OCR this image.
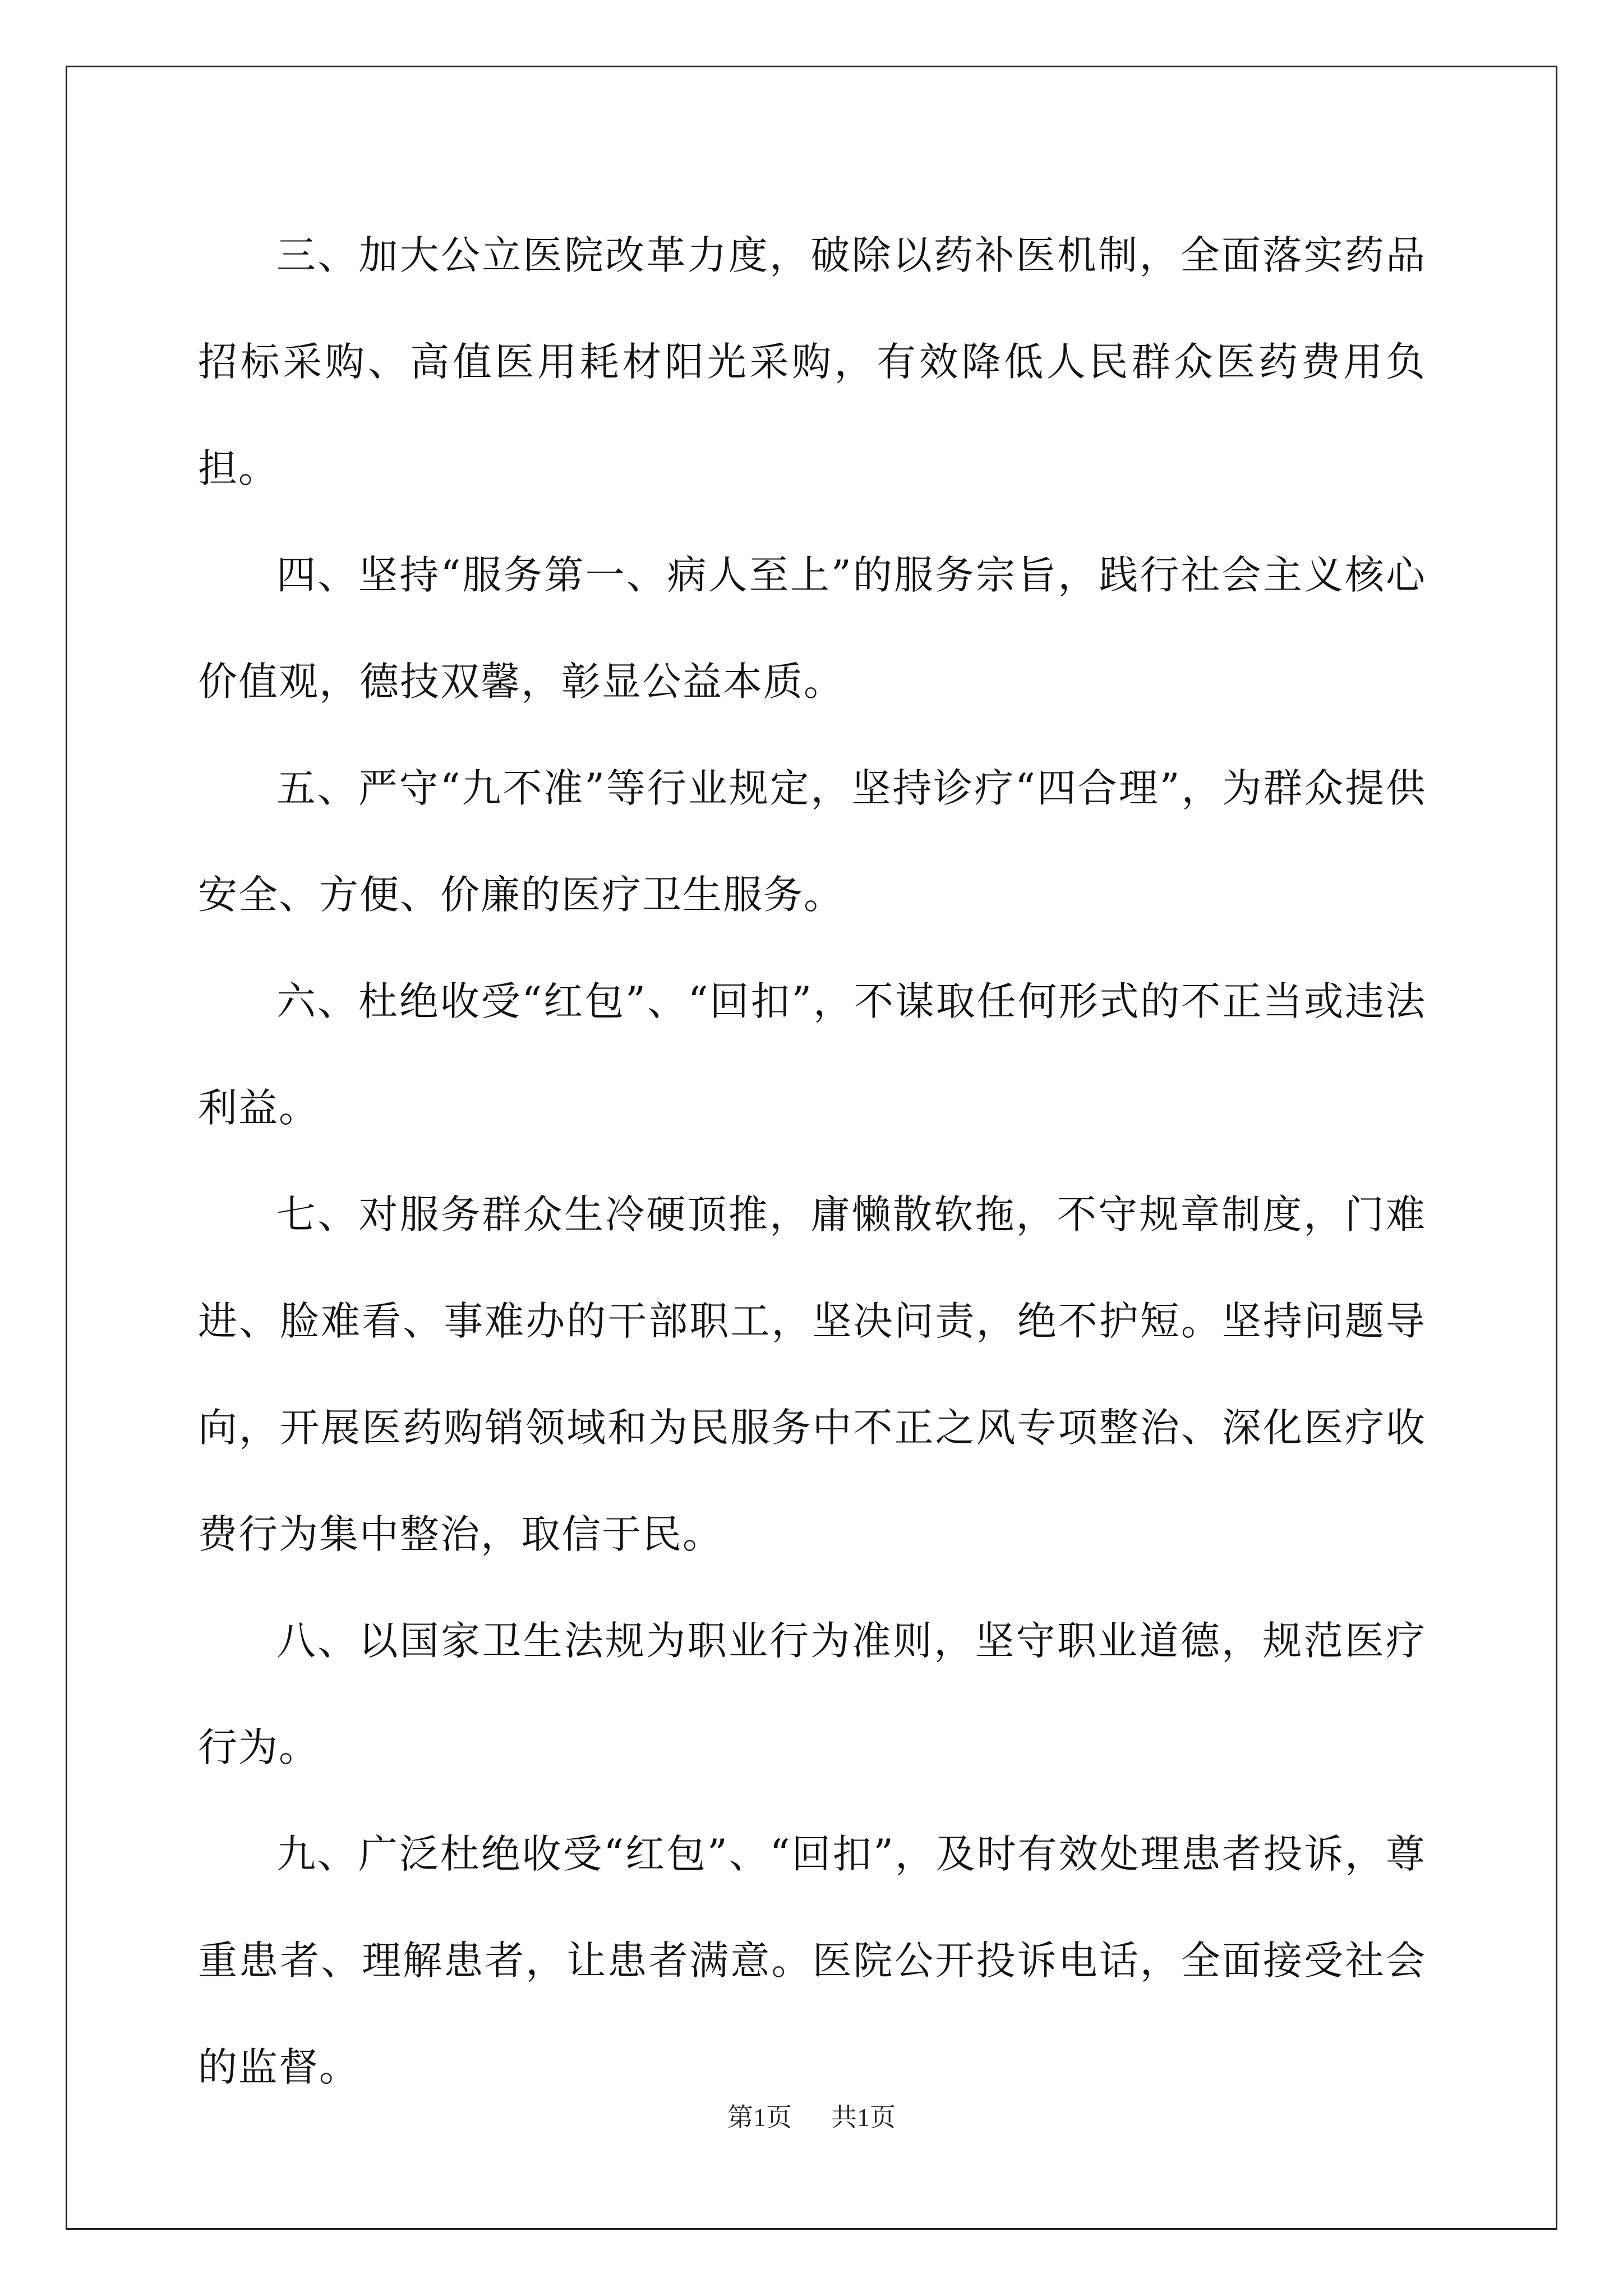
三、加大公立医院改革力度，破除以药补医机制，全面落实药品招标采购、高值医用耗材阳光采购，有效降低人民群众医药费用负担。

四、坚持“服务第一、病人至上”的服务宗旨，践行社会主义核心价值观，德技双馨，彰显公益本质。

五、严守“九不准”等行业规定，坚持诊疗“四合理”，为群众提供安全、方便、价廉的医疗卫生服务。

六、杜绝收受“红包”、“回扣”，不谋取任何形式的不正当或违法利益。

七、对服务群众生冷硬顶推，庸懒散软拖，不守规章制度，门难进、脸难看、事难办的干部职工，坚决问责，绝不护短。坚持问题导向，开展医药购销领域和为民服务中不正之风专项整治、深化医疗收费行为集中整治，取信于民。

八、以国家卫生法规为职业行为准则，坚守职业道德，规范医疗行为。

九、广泛杜绝收受“红包”、“回扣”，及时有效处理患者投诉，尊重患者、理解患者，让患者满意。医院公开投诉电话，全面接受社会的监督。

第1页 共1页
